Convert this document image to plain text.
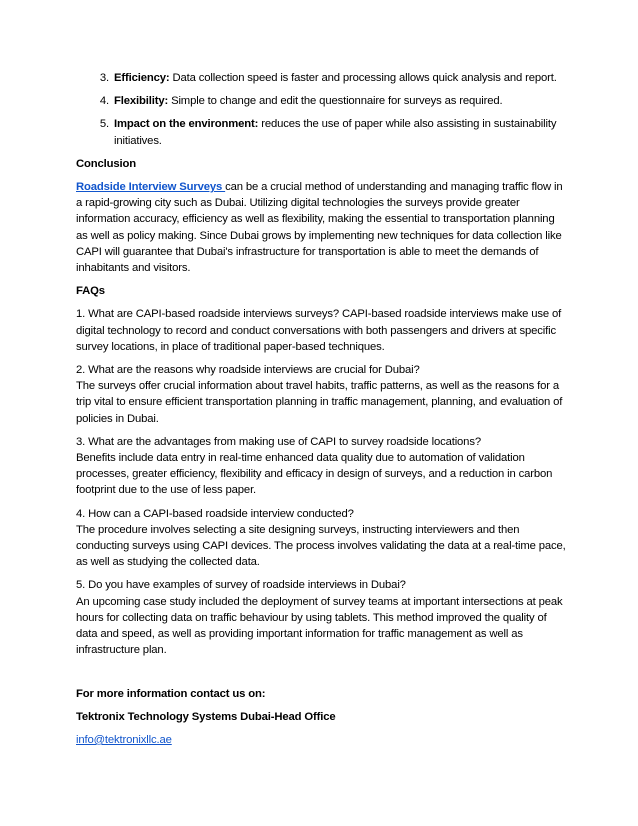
3. Efficiency: Data collection speed is faster and processing allows quick analysis and report.
4. Flexibility: Simple to change and edit the questionnaire for surveys as required.
5. Impact on the environment: reduces the use of paper while also assisting in sustainability initiatives.

Conclusion

Roadside Interview Surveys can be a crucial method of understanding and managing traffic flow in a rapid-growing city such as Dubai. Utilizing digital technologies the surveys provide greater information accuracy, efficiency as well as flexibility, making the essential to transportation planning as well as policy making. Since Dubai grows by implementing new techniques for data collection like CAPI will guarantee that Dubai's infrastructure for transportation is able to meet the demands of inhabitants and visitors.

FAQs

1. What are CAPI-based roadside interviews surveys? CAPI-based roadside interviews make use of digital technology to record and conduct conversations with both passengers and drivers at specific survey locations, in place of traditional paper-based techniques.

2. What are the reasons why roadside interviews are crucial for Dubai?
The surveys offer crucial information about travel habits, traffic patterns, as well as the reasons for a trip vital to ensure efficient transportation planning in traffic management, planning, and evaluation of policies in Dubai.

3. What are the advantages from making use of CAPI to survey roadside locations?
Benefits include data entry in real-time enhanced data quality due to automation of validation processes, greater efficiency, flexibility and efficacy in design of surveys, and a reduction in carbon footprint due to the use of less paper.

4. How can a CAPI-based roadside interview conducted?
The procedure involves selecting a site designing surveys, instructing interviewers and then conducting surveys using CAPI devices. The process involves validating the data at a real-time pace, as well as studying the collected data.

5. Do you have examples of survey of roadside interviews in Dubai?
An upcoming case study included the deployment of survey teams at important intersections at peak hours for collecting data on traffic behaviour by using tablets. This method improved the quality of data and speed, as well as providing important information for traffic management as well as infrastructure plan.

For more information contact us on:

Tektronix Technology Systems Dubai-Head Office

info@tektronixllc.ae
